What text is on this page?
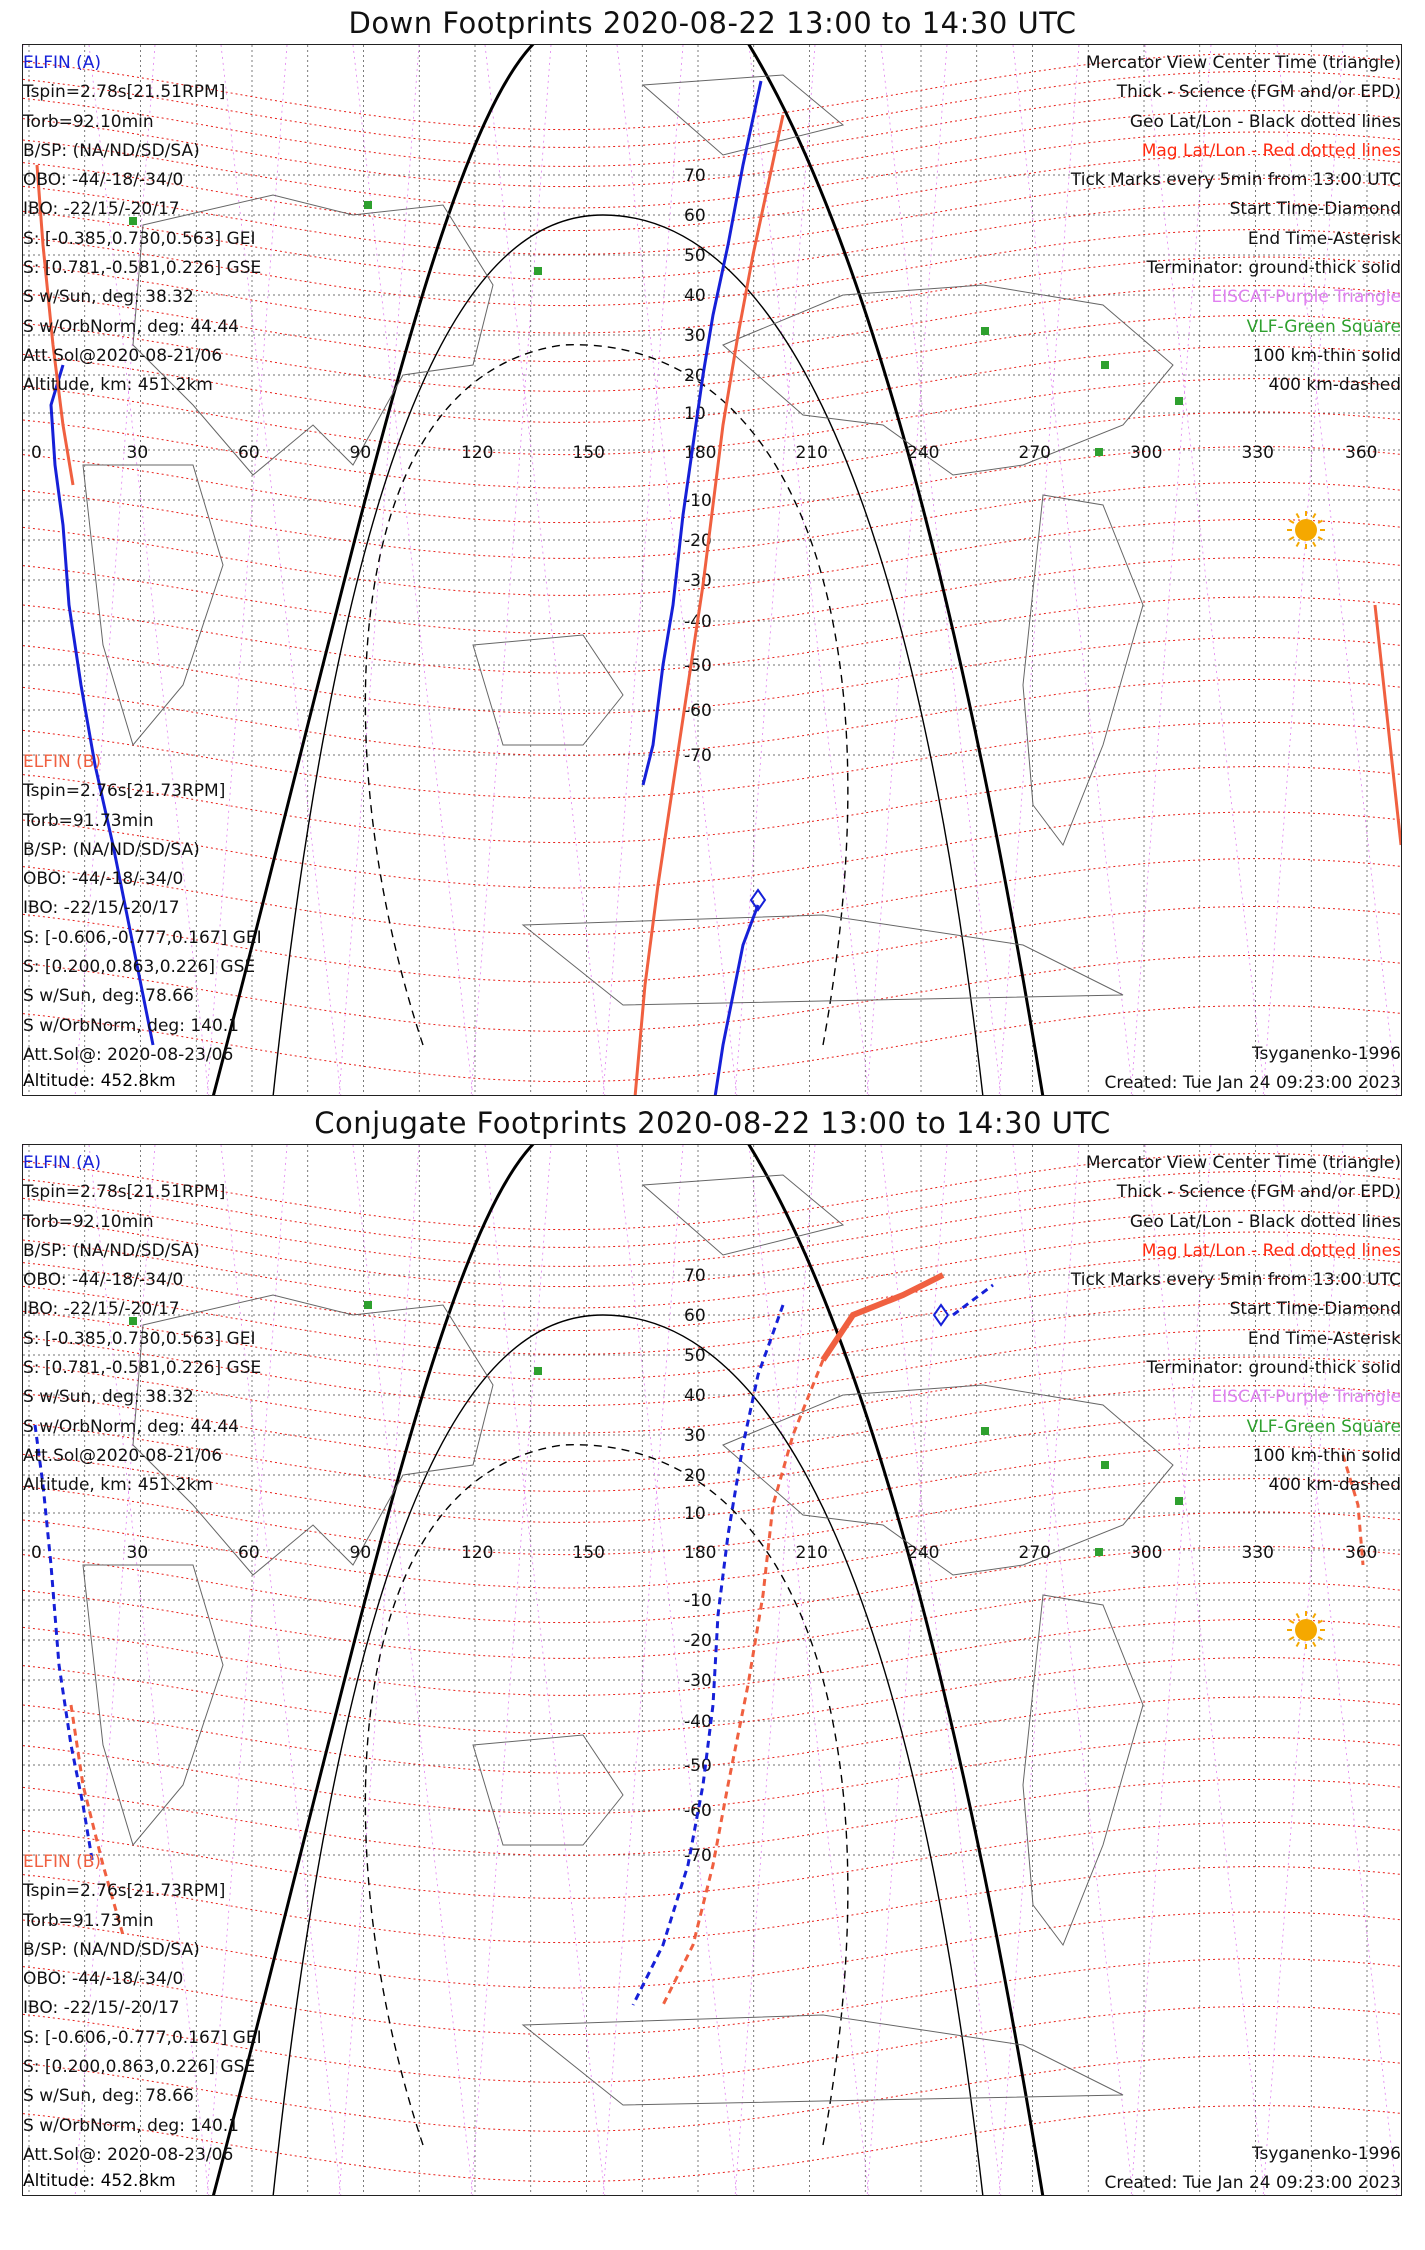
Down Footprints 2020-08-22 13:00 to 14:30 UTC
0	30	60	90	120	150	180	210	240	270	300	330	360
70
60
50
40
30
20
10
-10
-20
-30
-40
-50
-60
-70
ELFIN (A)
Tspin=2.78s[21.51RPM]
Torb=92.10min
B/SP: (NA/ND/SD/SA)
OBO: -44/-18/-34/0
IBO: -22/15/-20/17
S: [-0.385,0.730,0.563] GEI
S: [0.781,-0.581,0.226] GSE
S w/Sun, deg: 38.32
S w/OrbNorm, deg: 44.44
Att.Sol@2020-08-21/06
Altitude, km: 451.2km
ELFIN (B)
Tspin=2.76s[21.73RPM]
Torb=91.73min
B/SP: (NA/ND/SD/SA)
OBO: -44/-18/-34/0
IBO: -22/15/-20/17
S: [-0.606,-0.777,0.167] GEI
S: [0.200,0.863,0.226] GSE
S w/Sun, deg: 78.66
S w/OrbNorm, deg: 140.1
Att.Sol@: 2020-08-23/06
Altitude: 452.8km
Mercator View Center Time (triangle)
Thick - Science (FGM and/or EPD)
Geo Lat/Lon - Black dotted lines
Mag Lat/Lon - Red dotted lines
Tick Marks every 5min from 13:00 UTC
Start Time-Diamond
End Time-Asterisk
Terminator: ground-thick solid
EISCAT-Purple Triangle
VLF-Green Square
100 km-thin solid
400 km-dashed
Tsyganenko-1996
Created: Tue Jan 24 09:23:00 2023
Conjugate Footprints 2020-08-22 13:00 to 14:30 UTC
0	30	60	90	120	150	180	210	240	270	300	330	360
70
60
50
40
30
20
10
-10
-20
-30
-40
-50
-60
-70
ELFIN (A)
Tspin=2.78s[21.51RPM]
Torb=92.10min
B/SP: (NA/ND/SD/SA)
OBO: -44/-18/-34/0
IBO: -22/15/-20/17
S: [-0.385,0.730,0.563] GEI
S: [0.781,-0.581,0.226] GSE
S w/Sun, deg: 38.32
S w/OrbNorm, deg: 44.44
Att.Sol@2020-08-21/06
Altitude, km: 451.2km
ELFIN (B)
Tspin=2.76s[21.73RPM]
Torb=91.73min
B/SP: (NA/ND/SD/SA)
OBO: -44/-18/-34/0
IBO: -22/15/-20/17
S: [-0.606,-0.777,0.167] GEI
S: [0.200,0.863,0.226] GSE
S w/Sun, deg: 78.66
S w/OrbNorm, deg: 140.1
Att.Sol@: 2020-08-23/06
Altitude: 452.8km
Mercator View Center Time (triangle)
Thick - Science (FGM and/or EPD)
Geo Lat/Lon - Black dotted lines
Mag Lat/Lon - Red dotted lines
Tick Marks every 5min from 13:00 UTC
Start Time-Diamond
End Time-Asterisk
Terminator: ground-thick solid
EISCAT-Purple Triangle
VLF-Green Square
100 km-thin solid
400 km-dashed
Tsyganenko-1996
Created: Tue Jan 24 09:23:00 2023
